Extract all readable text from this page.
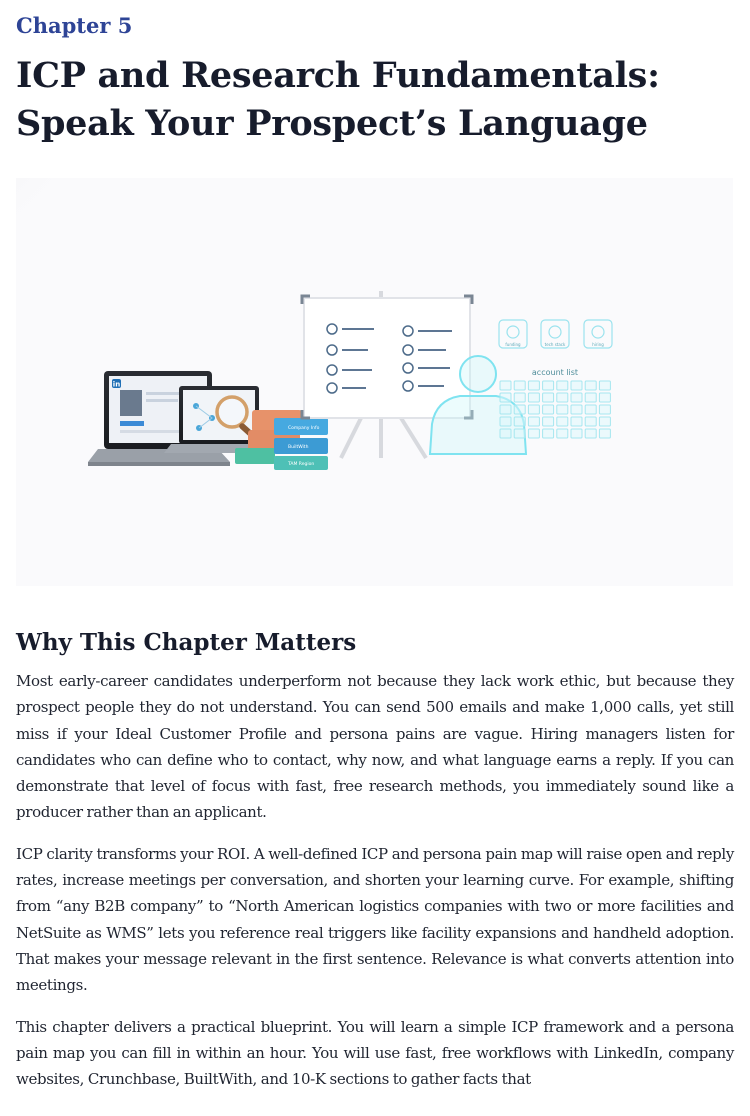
Chapter 5
ICP and Research Fundamentals: Speak Your Prospect’s Language
in
Company Info
BuiltWith
TAM Region
funding	tech stack	hiring
account list
Why This Chapter Matters

Most early-career candidates underperform not because they lack work ethic, but because they prospect people they do not understand. You can send 500 emails and make 1,000 calls, yet still miss if your Ideal Customer Profile and persona pains are vague. Hiring managers listen for candidates who can define who to contact, why now, and what language earns a reply. If you can demonstrate that level of focus with fast, free research methods, you immediately sound like a producer rather than an applicant.

ICP clarity transforms your ROI. A well-defined ICP and persona pain map will raise open and reply rates, increase meetings per conversation, and shorten your learning curve. For example, shifting from “any B2B company” to “North American logistics companies with two or more facilities and NetSuite as WMS” lets you reference real triggers like facility expansions and handheld adoption. That makes your message relevant in the first sentence. Relevance is what converts attention into meetings.

This chapter delivers a practical blueprint. You will learn a simple ICP framework and a persona pain map you can fill in within an hour. You will use fast, free workflows with LinkedIn, company websites, Crunchbase, BuiltWith, and 10-K sections to gather facts that
